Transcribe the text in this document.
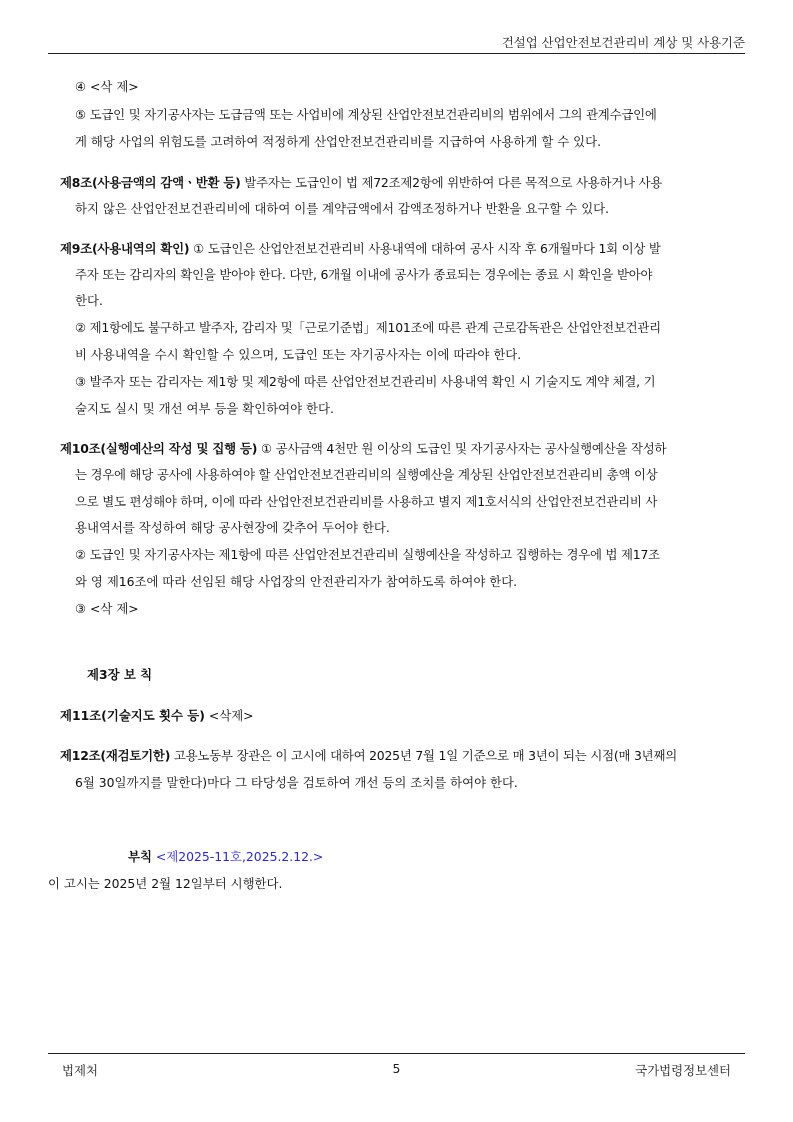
건설업 산업안전보건관리비 계상 및 사용기준
④ <삭 제>
⑤ 도급인 및 자기공사자는 도급금액 또는 사업비에 계상된 산업안전보건관리비의 범위에서 그의 관계수급인에
게 해당 사업의 위험도를 고려하여 적정하게 산업안전보건관리비를 지급하여 사용하게 할 수 있다.
제8조(사용금액의 감액ㆍ반환 등) 발주자는 도급인이 법 제72조제2항에 위반하여 다른 목적으로 사용하거나 사용
하지 않은 산업안전보건관리비에 대하여 이를 계약금액에서 감액조정하거나 반환을 요구할 수 있다.
제9조(사용내역의 확인) ① 도급인은 산업안전보건관리비 사용내역에 대하여 공사 시작 후 6개월마다 1회 이상 발
주자 또는 감리자의 확인을 받아야 한다. 다만, 6개월 이내에 공사가 종료되는 경우에는 종료 시 확인을 받아야
한다.
② 제1항에도 불구하고 발주자, 감리자 및「근로기준법」제101조에 따른 관계 근로감독관은 산업안전보건관리
비 사용내역을 수시 확인할 수 있으며, 도급인 또는 자기공사자는 이에 따라야 한다.
③ 발주자 또는 감리자는 제1항 및 제2항에 따른 산업안전보건관리비 사용내역 확인 시 기술지도 계약 체결, 기
술지도 실시 및 개선 여부 등을 확인하여야 한다.
제10조(실행예산의 작성 및 집행 등) ① 공사금액 4천만 원 이상의 도급인 및 자기공사자는 공사실행예산을 작성하
는 경우에 해당 공사에 사용하여야 할 산업안전보건관리비의 실행예산을 계상된 산업안전보건관리비 총액 이상
으로 별도 편성해야 하며, 이에 따라 산업안전보건관리비를 사용하고 별지 제1호서식의 산업안전보건관리비 사
용내역서를 작성하여 해당 공사현장에 갖추어 두어야 한다.
② 도급인 및 자기공사자는 제1항에 따른 산업안전보건관리비 실행예산을 작성하고 집행하는 경우에 법 제17조
와 영 제16조에 따라 선임된 해당 사업장의 안전관리자가 참여하도록 하여야 한다.
③ <삭 제>
제3장 보 칙
제11조(기술지도 횟수 등) <삭제>
제12조(재검토기한) 고용노동부 장관은 이 고시에 대하여 2025년 7월 1일 기준으로 매 3년이 되는 시점(매 3년째의
6월 30일까지를 말한다)마다 그 타당성을 검토하여 개선 등의 조치를 하여야 한다.
부칙 <제2025-11호,2025.2.12.>
이 고시는 2025년 2월 12일부터 시행한다.
법제처	5	국가법령정보센터
